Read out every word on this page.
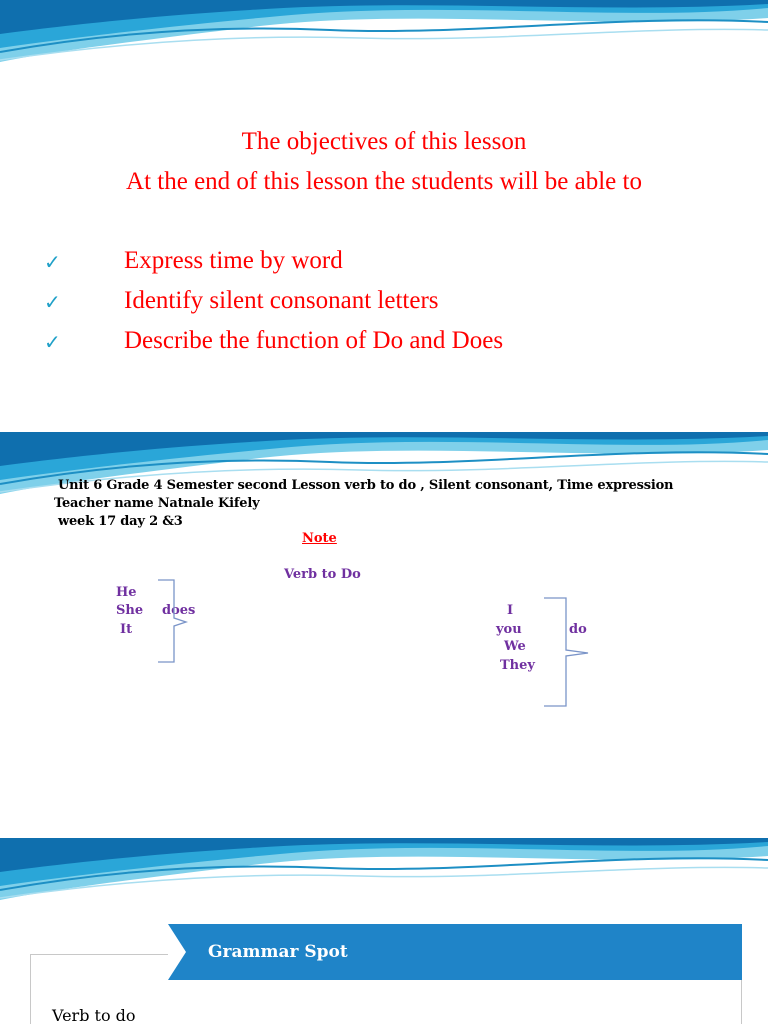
The objectives of this lesson
At the end of this lesson the students will be able to
✓	Express time by word
✓	Identify silent consonant letters
✓	Describe the function of Do and Does
Unit 6 Grade 4 Semester second Lesson verb to do , Silent consonant, Time expression
Teacher name Natnale Kifely
week 17 day 2 &3
Note
Verb to Do
He
She
It
does	I
you
We
They
do
Grammar Spot
Verb to do
